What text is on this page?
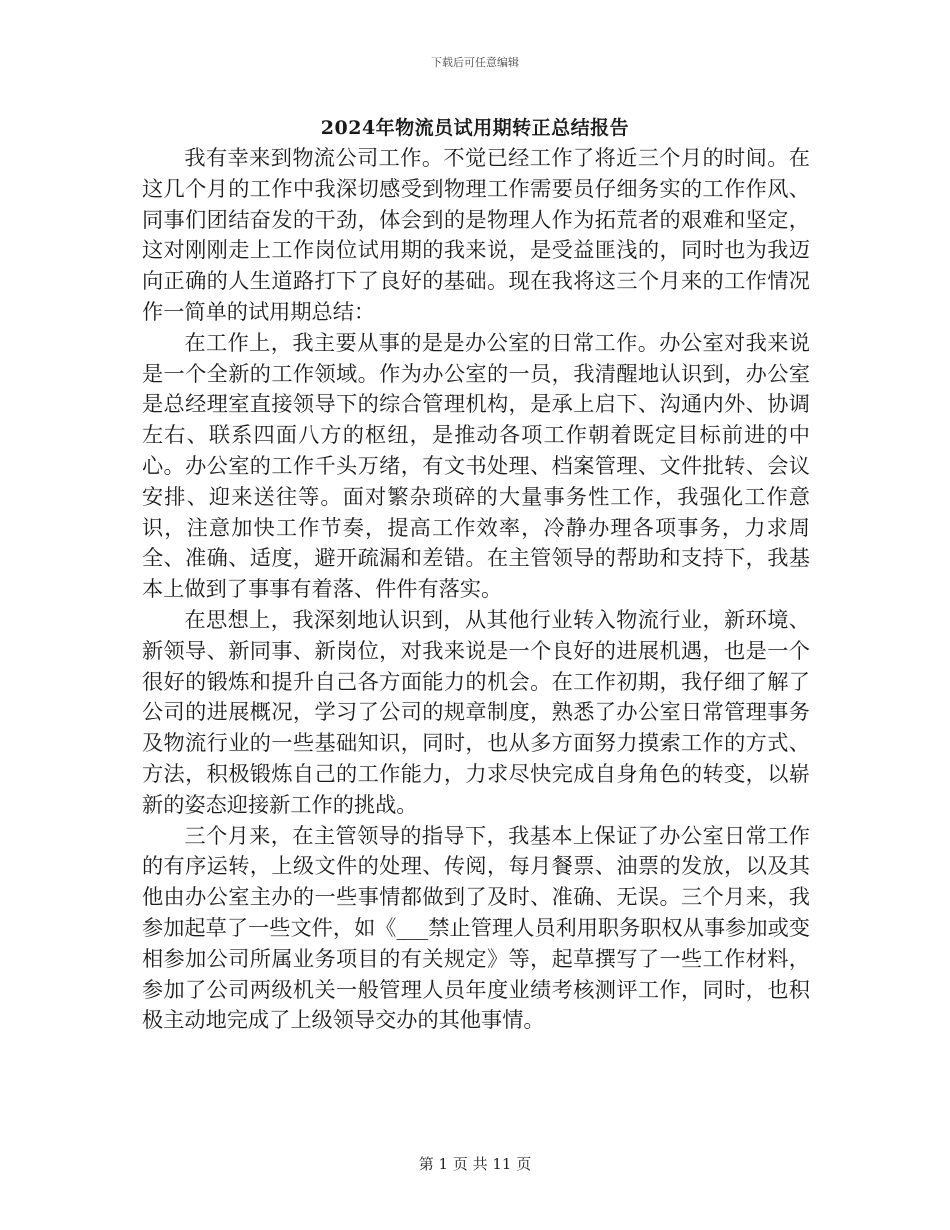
下载后可任意编辑
2024年物流员试用期转正总结报告

我有幸来到物流公司工作。不觉已经工作了将近三个月的时间。在这几个月的工作中我深切感受到物理工作需要员仔细务实的工作作风、同事们团结奋发的干劲，体会到的是物理人作为拓荒者的艰难和坚定，这对刚刚走上工作岗位试用期的我来说，是受益匪浅的，同时也为我迈向正确的人生道路打下了良好的基础。现在我将这三个月来的工作情况作一简单的试用期总结：

在工作上，我主要从事的是是办公室的日常工作。办公室对我来说是一个全新的工作领域。作为办公室的一员，我清醒地认识到，办公室是总经理室直接领导下的综合管理机构，是承上启下、沟通内外、协调左右、联系四面八方的枢纽，是推动各项工作朝着既定目标前进的中心。办公室的工作千头万绪，有文书处理、档案管理、文件批转、会议安排、迎来送往等。面对繁杂琐碎的大量事务性工作，我强化工作意识，注意加快工作节奏，提高工作效率，冷静办理各项事务，力求周全、准确、适度，避开疏漏和差错。在主管领导的帮助和支持下，我基本上做到了事事有着落、件件有落实。

在思想上，我深刻地认识到，从其他行业转入物流行业，新环境、新领导、新同事、新岗位，对我来说是一个良好的进展机遇，也是一个很好的锻炼和提升自己各方面能力的机会。在工作初期，我仔细了解了公司的进展概况，学习了公司的规章制度，熟悉了办公室日常管理事务及物流行业的一些基础知识，同时，也从多方面努力摸索工作的方式、方法，积极锻炼自己的工作能力，力求尽快完成自身角色的转变，以崭新的姿态迎接新工作的挑战。

三个月来，在主管领导的指导下，我基本上保证了办公室日常工作的有序运转，上级文件的处理、传阅，每月餐票、油票的发放，以及其他由办公室主办的一些事情都做到了及时、准确、无误。三个月来，我参加起草了一些文件，如《___禁止管理人员利用职务职权从事参加或变相参加公司所属业务项目的有关规定》等，起草撰写了一些工作材料，参加了公司两级机关一般管理人员年度业绩考核测评工作，同时，也积极主动地完成了上级领导交办的其他事情。

第 1 页 共 11 页
